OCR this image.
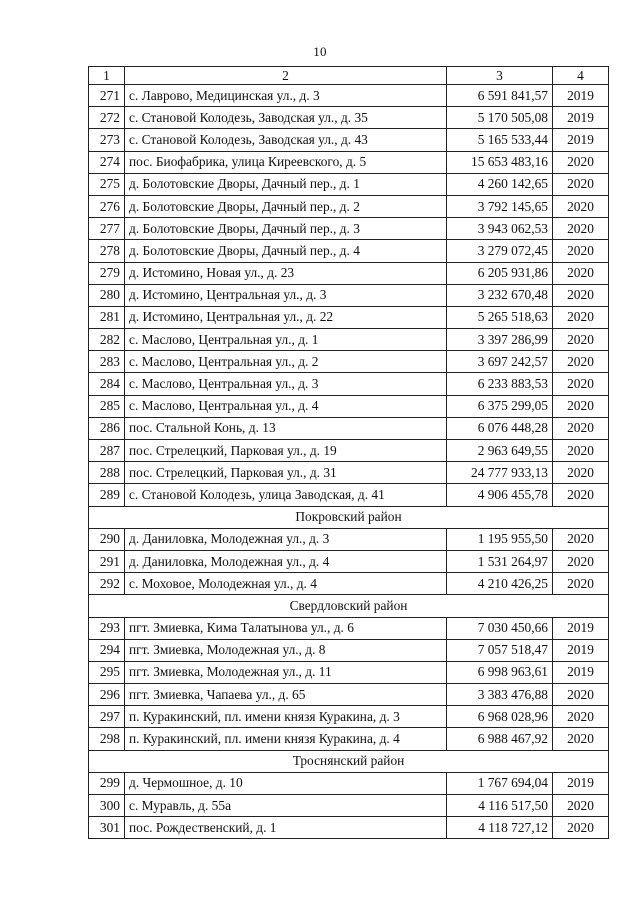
10
1	2	3	4
271	с. Лаврово, Медицинская ул., д. 3	6 591 841,57	2019
272	с. Становой Колодезь, Заводская ул., д. 35	5 170 505,08	2019
273	с. Становой Колодезь, Заводская ул., д. 43	5 165 533,44	2019
274	пос. Биофабрика, улица Киреевского, д. 5	15 653 483,16	2020
275	д. Болотовские Дворы, Дачный пер., д. 1	4 260 142,65	2020
276	д. Болотовские Дворы, Дачный пер., д. 2	3 792 145,65	2020
277	д. Болотовские Дворы, Дачный пер., д. 3	3 943 062,53	2020
278	д. Болотовские Дворы, Дачный пер., д. 4	3 279 072,45	2020
279	д. Истомино, Новая ул., д. 23	6 205 931,86	2020
280	д. Истомино, Центральная ул., д. 3	3 232 670,48	2020
281	д. Истомино, Центральная ул., д. 22	5 265 518,63	2020
282	с. Маслово, Центральная ул., д. 1	3 397 286,99	2020
283	с. Маслово, Центральная ул., д. 2	3 697 242,57	2020
284	с. Маслово, Центральная ул., д. 3	6 233 883,53	2020
285	с. Маслово, Центральная ул., д. 4	6 375 299,05	2020
286	пос. Стальной Конь, д. 13	6 076 448,28	2020
287	пос. Стрелецкий, Парковая ул., д. 19	2 963 649,55	2020
288	пос. Стрелецкий, Парковая ул., д. 31	24 777 933,13	2020
289	с. Становой Колодезь, улица Заводская, д. 41	4 906 455,78	2020
Покровский район			
290	д. Даниловка, Молодежная ул., д. 3	1 195 955,50	2020
291	д. Даниловка, Молодежная ул., д. 4	1 531 264,97	2020
292	с. Моховое, Молодежная ул., д. 4	4 210 426,25	2020
Свердловский район			
293	пгт. Змиевка, Кима Талатынова ул., д. 6	7 030 450,66	2019
294	пгт. Змиевка, Молодежная ул., д. 8	7 057 518,47	2019
295	пгт. Змиевка, Молодежная ул., д. 11	6 998 963,61	2019
296	пгт. Змиевка, Чапаева ул., д. 65	3 383 476,88	2020
297	п. Куракинский, пл. имени князя Куракина, д. 3	6 968 028,96	2020
298	п. Куракинский, пл. имени князя Куракина, д. 4	6 988 467,92	2020
Троснянский район			
299	д. Чермошное, д. 10	1 767 694,04	2019
300	с. Муравль, д. 55а	4 116 517,50	2020
301	пос. Рождественский, д. 1	4 118 727,12	2020
